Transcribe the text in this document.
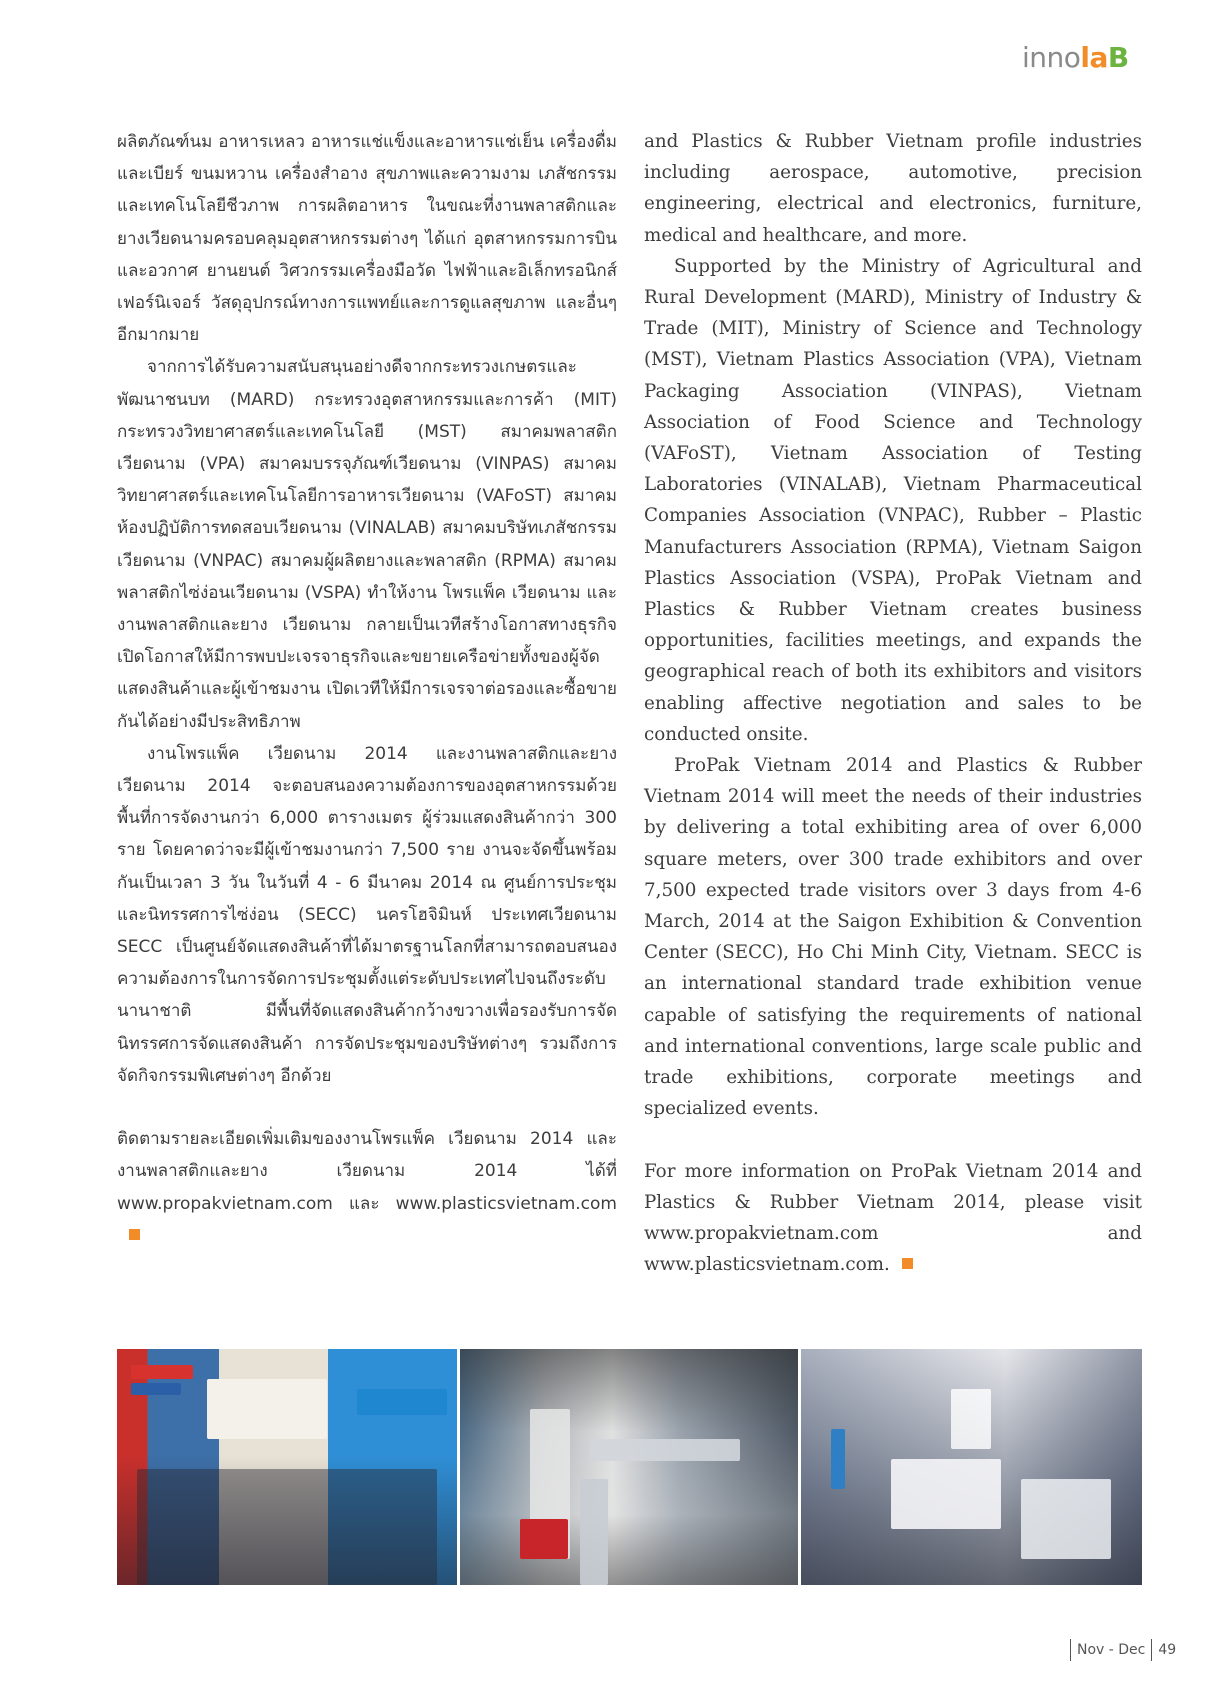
innolaB

ผลิตภัณฑ์นม อาหารเหลว อาหารแช่แข็งและอาหารแช่เย็น เครื่องดื่มและเบียร์ ขนมหวาน เครื่องสำอาง สุขภาพและความงาม เภสัชกรรมและเทคโนโลยีชีวภาพ การผลิตอาหาร ในขณะที่งานพลาสติกและยางเวียดนามครอบคลุมอุตสาหกรรมต่างๆ ได้แก่ อุตสาหกรรมการบินและอวกาศ ยานยนต์ วิศวกรรมเครื่องมือวัด ไฟฟ้าและอิเล็กทรอนิกส์ เฟอร์นิเจอร์ วัสดุอุปกรณ์ทางการแพทย์และการดูแลสุขภาพ และอื่นๆ อีกมากมาย

จากการได้รับความสนับสนุนอย่างดีจากกระทรวงเกษตรและพัฒนาชนบท (MARD) กระทรวงอุตสาหกรรมและการค้า (MIT) กระทรวงวิทยาศาสตร์และเทคโนโลยี (MST) สมาคมพลาสติกเวียดนาม (VPA) สมาคมบรรจุภัณฑ์เวียดนาม (VINPAS) สมาคมวิทยาศาสตร์และเทคโนโลยีการอาหารเวียดนาม (VAFoST) สมาคมห้องปฏิบัติการทดสอบเวียดนาม (VINALAB) สมาคมบริษัทเภสัชกรรมเวียดนาม (VNPAC) สมาคมผู้ผลิตยางและพลาสติก (RPMA) สมาคมพลาสติกไซ่ง่อนเวียดนาม (VSPA) ทำให้งาน โพรแพ็ค เวียดนาม และงานพลาสติกและยาง เวียดนาม กลายเป็นเวทีสร้างโอกาสทางธุรกิจ เปิดโอกาสให้มีการพบปะเจรจาธุรกิจและขยายเครือข่ายทั้งของผู้จัดแสดงสินค้าและผู้เข้าชมงาน เปิดเวทีให้มีการเจรจาต่อรองและซื้อขายกันได้อย่างมีประสิทธิภาพ

งานโพรแพ็ค เวียดนาม 2014 และงานพลาสติกและยาง เวียดนาม 2014 จะตอบสนองความต้องการของอุตสาหกรรมด้วยพื้นที่การจัดงานกว่า 6,000 ตารางเมตร ผู้ร่วมแสดงสินค้ากว่า 300 ราย โดยคาดว่าจะมีผู้เข้าชมงานกว่า 7,500 ราย งานจะจัดขึ้นพร้อมกันเป็นเวลา 3 วัน ในวันที่ 4 - 6 มีนาคม 2014 ณ ศูนย์การประชุมและนิทรรศการไซ่ง่อน (SECC) นครโฮจิมินห์ ประเทศเวียดนาม SECC เป็นศูนย์จัดแสดงสินค้าที่ได้มาตรฐานโลกที่สามารถตอบสนองความต้องการในการจัดการประชุมตั้งแต่ระดับประเทศไปจนถึงระดับนานาชาติ มีพื้นที่จัดแสดงสินค้ากว้างขวางเพื่อรองรับการจัดนิทรรศการจัดแสดงสินค้า การจัดประชุมของบริษัทต่างๆ รวมถึงการจัดกิจกรรมพิเศษต่างๆ อีกด้วย

ติดตามรายละเอียดเพิ่มเติมของงานโพรแพ็ค เวียดนาม 2014 และงานพลาสติกและยาง เวียดนาม 2014 ได้ที่ www.propakvietnam.com และ www.plasticsvietnam.com

and Plastics & Rubber Vietnam profile industries including aerospace, automotive, precision engineering, electrical and electronics, furniture, medical and healthcare, and more.

Supported by the Ministry of Agricultural and Rural Development (MARD), Ministry of Industry & Trade (MIT), Ministry of Science and Technology (MST), Vietnam Plastics Association (VPA), Vietnam Packaging Association (VINPAS), Vietnam Association of Food Science and Technology (VAFoST), Vietnam Association of Testing Laboratories (VINALAB), Vietnam Pharmaceutical Companies Association (VNPAC), Rubber – Plastic Manufacturers Association (RPMA), Vietnam Saigon Plastics Association (VSPA), ProPak Vietnam and Plastics & Rubber Vietnam creates business opportunities, facilities meetings, and expands the geographical reach of both its exhibitors and visitors enabling affective negotiation and sales to be conducted onsite.

ProPak Vietnam 2014 and Plastics & Rubber Vietnam 2014 will meet the needs of their industries by delivering a total exhibiting area of over 6,000 square meters, over 300 trade exhibitors and over 7,500 expected trade visitors over 3 days from 4-6 March, 2014 at the Saigon Exhibition & Convention Center (SECC), Ho Chi Minh City, Vietnam. SECC is an international standard trade exhibition venue capable of satisfying the requirements of national and international conventions, large scale public and trade exhibitions, corporate meetings and specialized events.

For more information on ProPak Vietnam 2014 and Plastics & Rubber Vietnam 2014, please visit www.propakvietnam.com and www.plasticsvietnam.com.

Nov - Dec 49
